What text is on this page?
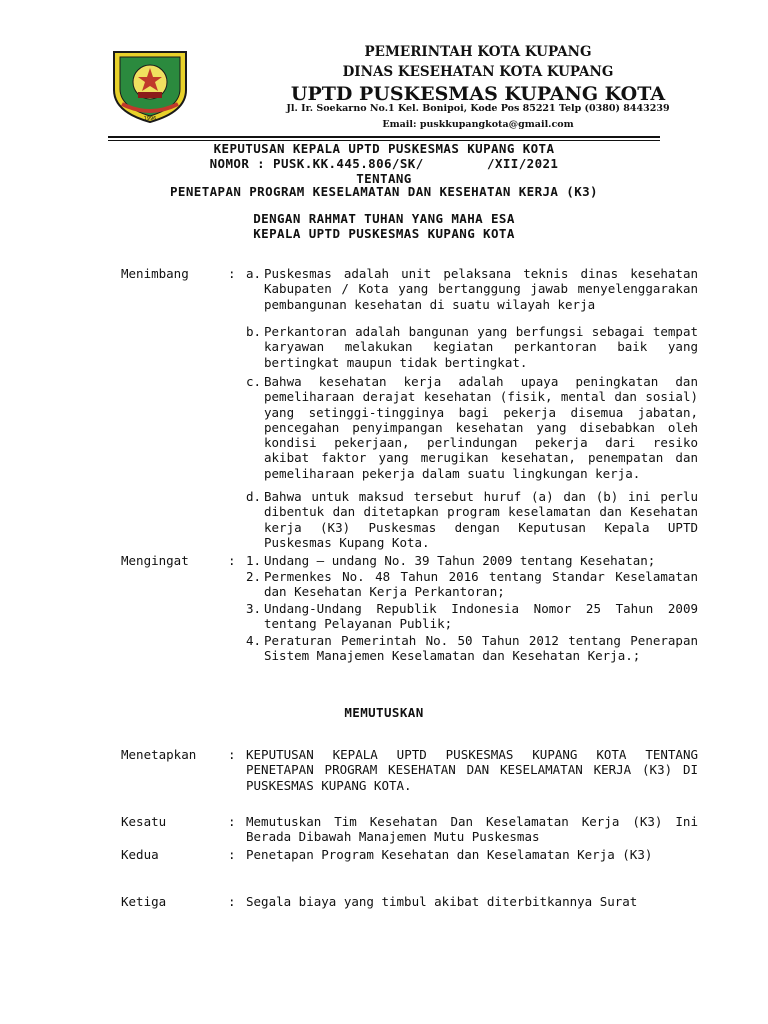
1996
PEMERINTAH KOTA KUPANG
DINAS KESEHATAN KOTA KUPANG
UPTD PUSKESMAS KUPANG KOTA
Jl. Ir. Soekarno No.1 Kel. Bonipoi, Kode Pos 85221 Telp (0380) 8443239
Email: puskkupangkota@gmail.com
KEPUTUSAN KEPALA UPTD PUSKESMAS KUPANG KOTA
NOMOR : PUSK.KK.445.806/SK/        /XII/2021
TENTANG
PENETAPAN PROGRAM KESELAMATAN DAN KESEHATAN KERJA (K3)
DENGAN RAHMAT TUHAN YANG MAHA ESA
KEPALA UPTD PUSKESMAS KUPANG KOTA
Menimbang	: a. Puskesmas adalah unit pelaksana teknis dinas kesehatan Kabupaten / Kota yang bertanggung jawab menyelenggarakan pembangunan kesehatan di suatu wilayah kerja
b. Perkantoran adalah bangunan yang berfungsi sebagai tempat karyawan melakukan kegiatan perkantoran baik yang bertingkat maupun tidak bertingkat.
c. Bahwa kesehatan kerja adalah upaya peningkatan dan pemeliharaan derajat kesehatan (fisik, mental dan sosial) yang setinggi-tingginya bagi pekerja disemua jabatan, pencegahan penyimpangan kesehatan yang disebabkan oleh kondisi pekerjaan, perlindungan pekerja dari resiko akibat faktor yang merugikan kesehatan, penempatan dan pemeliharaan pekerja dalam suatu lingkungan kerja.
d. Bahwa untuk maksud tersebut huruf (a) dan (b) ini perlu dibentuk dan ditetapkan program keselamatan dan Kesehatan kerja (K3) Puskesmas dengan Keputusan Kepala UPTD Puskesmas Kupang Kota.
Mengingat	: 1. Undang – undang No. 39 Tahun 2009 tentang Kesehatan;
2. Permenkes No. 48 Tahun 2016 tentang Standar Keselamatan dan Kesehatan Kerja Perkantoran;
3. Undang-Undang Republik Indonesia Nomor 25 Tahun 2009 tentang Pelayanan Publik;
4. Peraturan Pemerintah No. 50 Tahun 2012 tentang Penerapan Sistem Manajemen Keselamatan dan Kesehatan Kerja.;
MEMUTUSKAN
Menetapkan	: KEPUTUSAN KEPALA UPTD PUSKESMAS KUPANG KOTA TENTANG PENETAPAN PROGRAM KESEHATAN DAN KESELAMATAN KERJA (K3) DI PUSKESMAS KUPANG KOTA.
Kesatu	: Memutuskan Tim Kesehatan Dan Keselamatan Kerja (K3) Ini Berada Dibawah Manajemen Mutu Puskesmas
Kedua	: Penetapan Program Kesehatan dan Keselamatan Kerja (K3)
Ketiga	: Segala biaya yang timbul akibat diterbitkannya Surat
